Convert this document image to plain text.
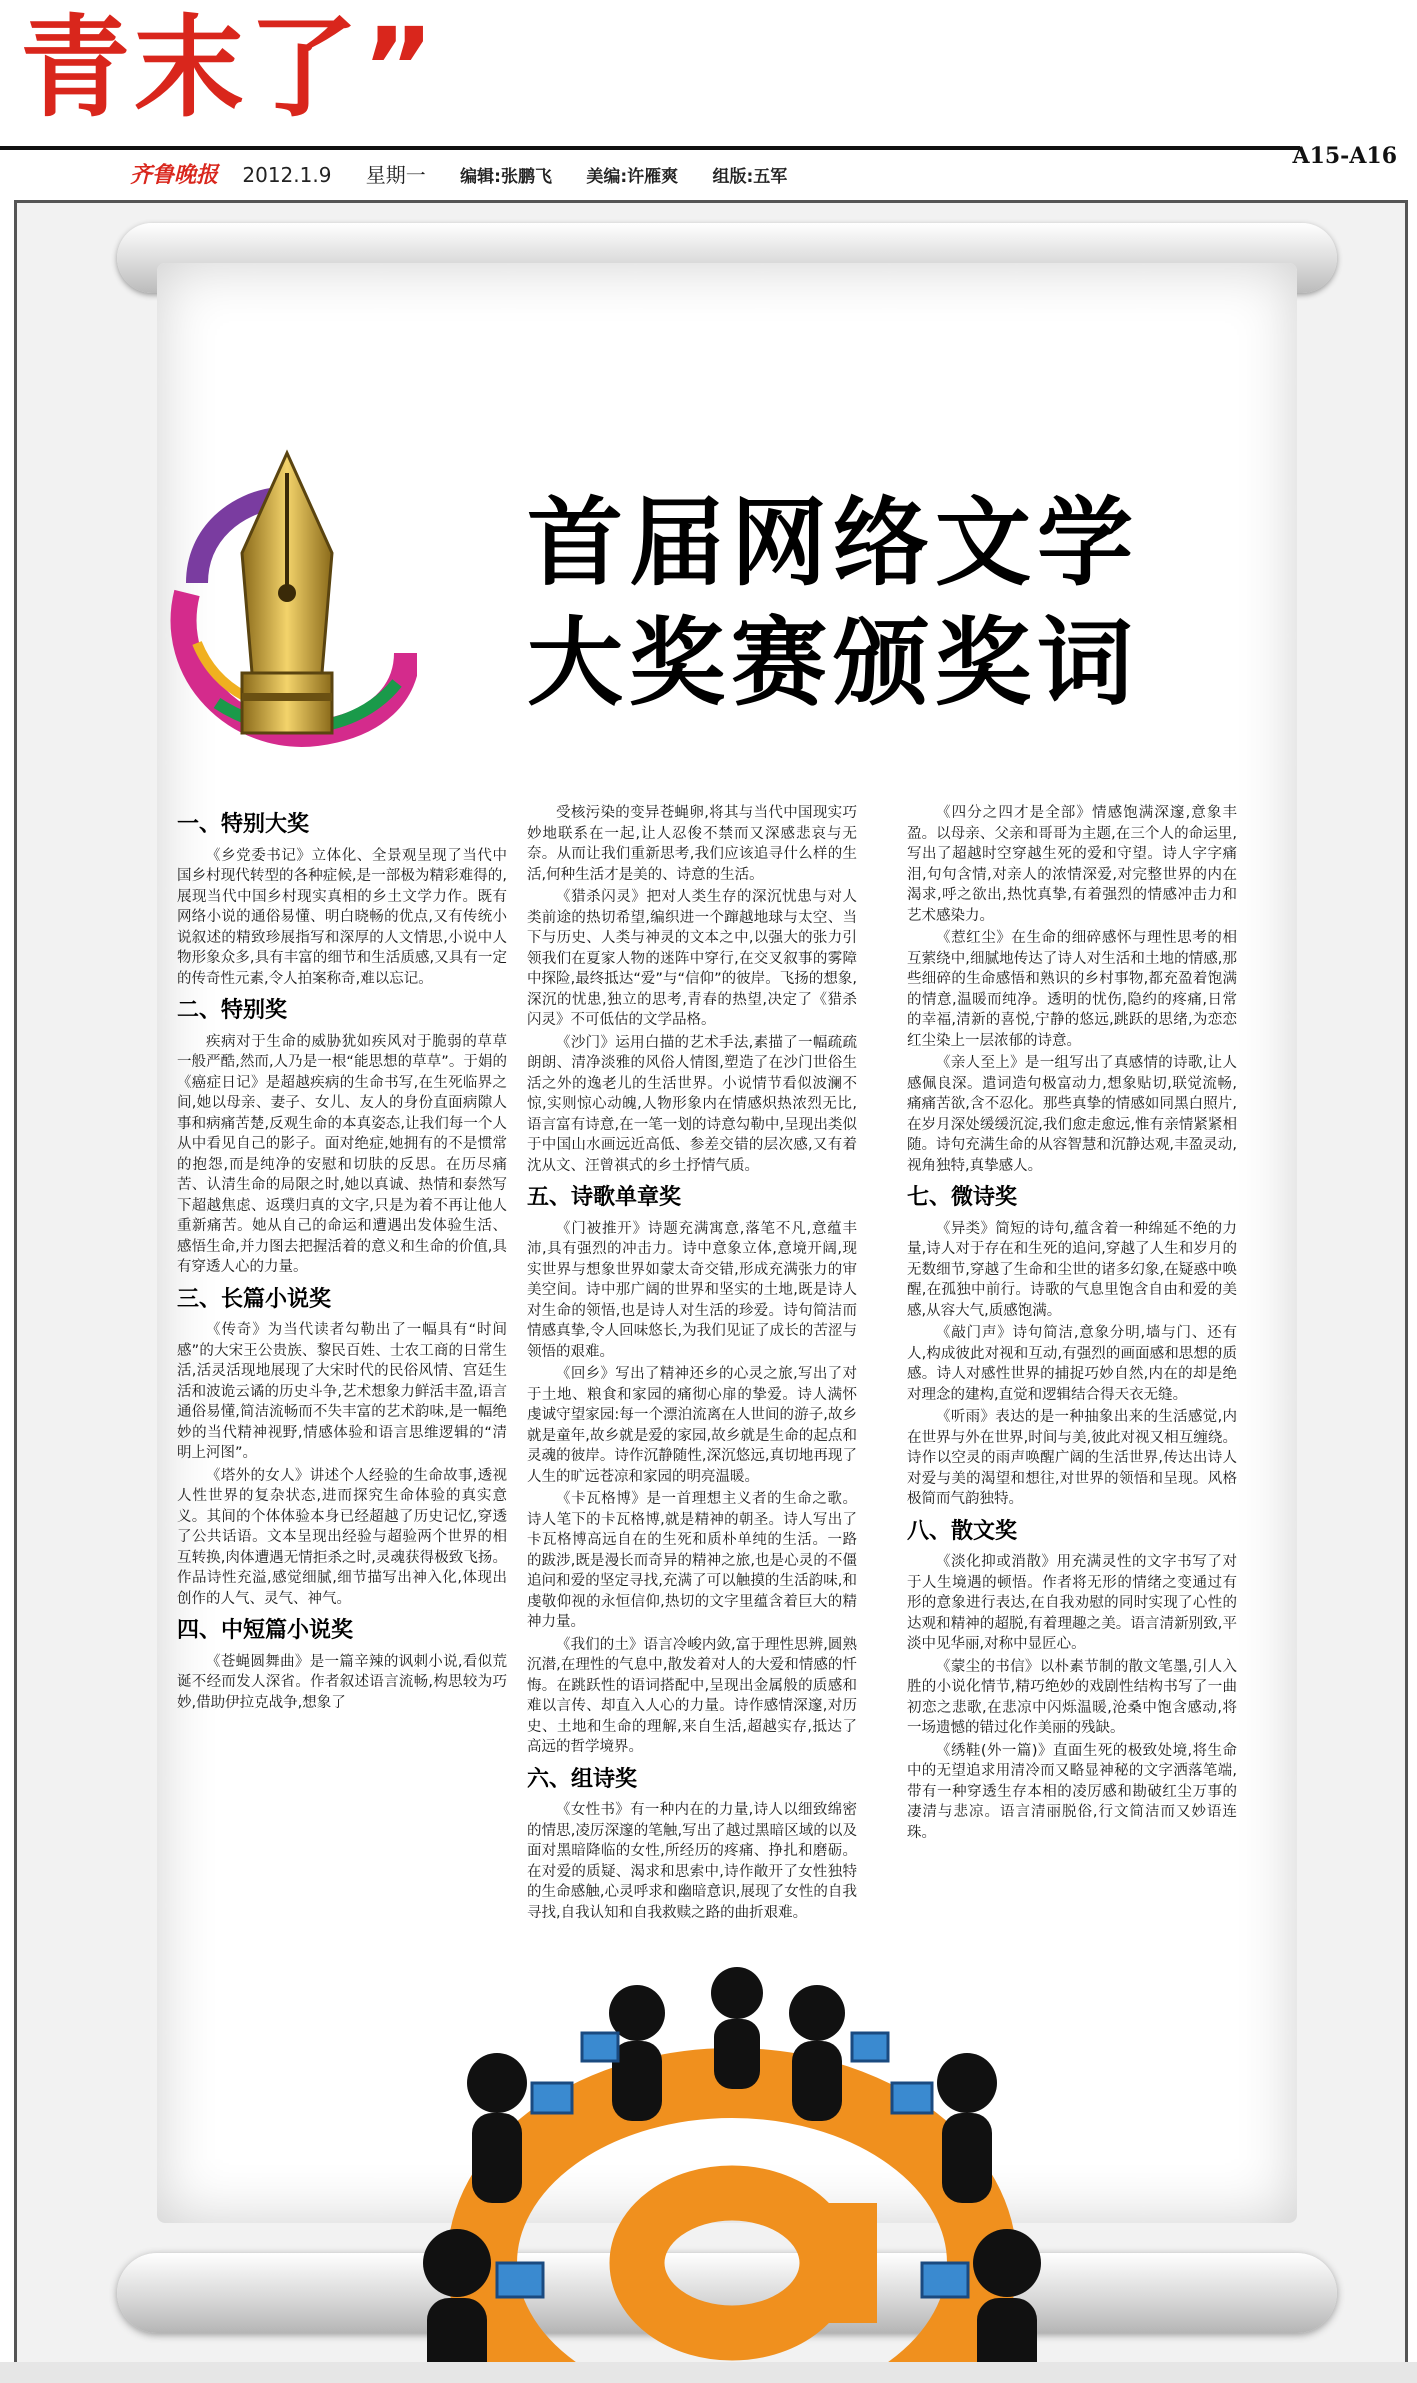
青末了”
A15-A16
齐鲁晚报 2012.1.9 星期一 编辑:张鹏飞 美编:许雁爽 组版:五军
首届网络文学
大奖赛颁奖词
一、特别大奖

《乡党委书记》立体化、全景观呈现了当代中国乡村现代转型的各种症候,是一部极为精彩难得的,展现当代中国乡村现实真相的乡土文学力作。既有网络小说的通俗易懂、明白晓畅的优点,又有传统小说叙述的精致珍展指写和深厚的人文情思,小说中人物形象众多,具有丰富的细节和生活质感,又具有一定的传奇性元素,令人拍案称奇,难以忘记。

二、特别奖

疾病对于生命的威胁犹如疾风对于脆弱的草草一般严酷,然而,人乃是一根“能思想的草草”。于娟的《癌症日记》是超越疾病的生命书写,在生死临界之间,她以母亲、妻子、女儿、友人的身份直面病隙人事和病痛苦楚,反观生命的本真姿态,让我们每一个人从中看见自己的影子。面对绝症,她拥有的不是惯常的抱怨,而是纯净的安慰和切肤的反思。在历尽痛苦、认清生命的局限之时,她以真诚、热情和泰然写下超越焦虑、返璞归真的文字,只是为着不再让他人重新痛苦。她从自己的命运和遭遇出发体验生活、感悟生命,并力图去把握活着的意义和生命的价值,具有穿透人心的力量。

三、长篇小说奖

《传奇》为当代读者勾勒出了一幅具有“时间感”的大宋王公贵族、黎民百姓、士农工商的日常生活,活灵活现地展现了大宋时代的民俗风情、宫廷生活和波诡云谲的历史斗争,艺术想象力鲜活丰盈,语言通俗易懂,简洁流畅而不失丰富的艺术韵味,是一幅绝妙的当代精神视野,情感体验和语言思维逻辑的“清明上河图”。

《塔外的女人》讲述个人经验的生命故事,透视人性世界的复杂状态,进而探究生命体验的真实意义。其间的个体体验本身已经超越了历史记忆,穿透了公共话语。文本呈现出经验与超验两个世界的相互转换,肉体遭遇无情拒杀之时,灵魂获得极致飞扬。作品诗性充溢,感觉细腻,细节描写出神入化,体现出创作的人气、灵气、神气。

四、中短篇小说奖

《苍蝇圆舞曲》是一篇辛辣的讽刺小说,看似荒诞不经而发人深省。作者叙述语言流畅,构思较为巧妙,借助伊拉克战争,想象了

受核污染的变异苍蝇卵,将其与当代中国现实巧妙地联系在一起,让人忍俊不禁而又深感悲哀与无奈。从而让我们重新思考,我们应该追寻什么样的生活,何种生活才是美的、诗意的生活。

《猎杀闪灵》把对人类生存的深沉忧患与对人类前途的热切希望,编织进一个蹿越地球与太空、当下与历史、人类与神灵的文本之中,以强大的张力引领我们在夏家人物的迷阵中穿行,在交叉叙事的雾障中探险,最终抵达“爱”与“信仰”的彼岸。飞扬的想象,深沉的忧患,独立的思考,青春的热望,决定了《猎杀闪灵》不可低估的文学品格。

《沙门》运用白描的艺术手法,素描了一幅疏疏朗朗、清净淡雅的风俗人情图,塑造了在沙门世俗生活之外的逸老儿的生活世界。小说情节看似波澜不惊,实则惊心动魄,人物形象内在情感炽热浓烈无比,语言富有诗意,在一笔一划的诗意勾勒中,呈现出类似于中国山水画远近高低、参差交错的层次感,又有着沈从文、汪曾祺式的乡土抒情气质。

五、诗歌单章奖

《门被推开》诗题充满寓意,落笔不凡,意蕴丰沛,具有强烈的冲击力。诗中意象立体,意境开阔,现实世界与想象世界如蒙太奇交错,形成充满张力的审美空间。诗中那广阔的世界和坚实的土地,既是诗人对生命的领悟,也是诗人对生活的珍爱。诗句简洁而情感真挚,令人回味悠长,为我们见证了成长的苦涩与领悟的艰难。

《回乡》写出了精神还乡的心灵之旅,写出了对于土地、粮食和家园的痛彻心扉的挚爱。诗人满怀虔诚守望家园:每一个漂泊流离在人世间的游子,故乡就是童年,故乡就是爱的家园,故乡就是生命的起点和灵魂的彼岸。诗作沉静随性,深沉悠远,真切地再现了人生的旷远苍凉和家园的明亮温暖。

《卡瓦格博》是一首理想主义者的生命之歌。诗人笔下的卡瓦格博,就是精神的朝圣。诗人写出了卡瓦格博高远自在的生死和质朴单纯的生活。一路的跋涉,既是漫长而奇异的精神之旅,也是心灵的不僵追问和爱的坚定寻找,充满了可以触摸的生活韵味,和虔敬仰视的永恒信仰,热切的文字里蕴含着巨大的精神力量。

《我们的土》语言冷峻内敛,富于理性思辨,圆熟沉潜,在理性的气息中,散发着对人的大爱和情感的忏悔。在跳跃性的语词搭配中,呈现出金属般的质感和难以言传、却直入人心的力量。诗作感情深邃,对历史、土地和生命的理解,来自生活,超越实存,抵达了高远的哲学境界。

六、组诗奖

《女性书》有一种内在的力量,诗人以细致绵密的情思,凌厉深邃的笔触,写出了越过黑暗区域的以及面对黑暗降临的女性,所经历的疼痛、挣扎和磨砺。在对爱的质疑、渴求和思索中,诗作敞开了女性独特的生命感触,心灵呼求和幽暗意识,展现了女性的自我寻找,自我认知和自我救赎之路的曲折艰难。

《四分之四才是全部》情感饱满深邃,意象丰盈。以母亲、父亲和哥哥为主题,在三个人的命运里,写出了超越时空穿越生死的爱和守望。诗人字字痛泪,句句含情,对亲人的浓情深爱,对完整世界的内在渴求,呼之欲出,热忱真挚,有着强烈的情感冲击力和艺术感染力。

《惹红尘》在生命的细碎感怀与理性思考的相互萦绕中,细腻地传达了诗人对生活和土地的情感,那些细碎的生命感悟和熟识的乡村事物,都充盈着饱满的情意,温暖而纯净。透明的忧伤,隐约的疼痛,日常的幸福,清新的喜悦,宁静的悠远,跳跃的思绪,为恋恋红尘染上一层浓郁的诗意。

《亲人至上》是一组写出了真感情的诗歌,让人感佩良深。遣词造句极富动力,想象贴切,联觉流畅,痛痛苦欲,含不忍化。那些真挚的情感如同黑白照片,在岁月深处缓缓沉淀,我们愈走愈远,惟有亲情紧紧相随。诗句充满生命的从容智慧和沉静达观,丰盈灵动,视角独特,真挚感人。

七、微诗奖

《异类》简短的诗句,蕴含着一种绵延不绝的力量,诗人对于存在和生死的追问,穿越了人生和岁月的无数细节,穿越了生命和尘世的诸多幻象,在疑惑中唤醒,在孤独中前行。诗歌的气息里饱含自由和爱的美感,从容大气,质感饱满。

《敲门声》诗句简洁,意象分明,墙与门、还有人,构成彼此对视和互动,有强烈的画面感和思想的质感。诗人对感性世界的捕捉巧妙自然,内在的却是绝对理念的建构,直觉和逻辑结合得天衣无缝。

《听雨》表达的是一种抽象出来的生活感觉,内在世界与外在世界,时间与美,彼此对视又相互缠绕。诗作以空灵的雨声唤醒广阔的生活世界,传达出诗人对爱与美的渴望和想往,对世界的领悟和呈现。风格极简而气韵独特。

八、散文奖

《淡化抑或消散》用充满灵性的文字书写了对于人生境遇的顿悟。作者将无形的情绪之变通过有形的意象进行表达,在自我劝慰的同时实现了心性的达观和精神的超脱,有着理趣之美。语言清新别致,平淡中见华丽,对称中显匠心。

《蒙尘的书信》以朴素节制的散文笔墨,引人入胜的小说化情节,精巧绝妙的戏剧性结构书写了一曲初恋之悲歌,在悲凉中闪烁温暖,沧桑中饱含感动,将一场遗憾的错过化作美丽的残缺。

《绣鞋(外一篇)》直面生死的极致处境,将生命中的无望追求用清冷而又略显神秘的文字洒落笔端,带有一种穿透生存本相的凌厉感和勘破红尘万事的凄清与悲凉。语言清丽脱俗,行文简洁而又妙语连珠。
